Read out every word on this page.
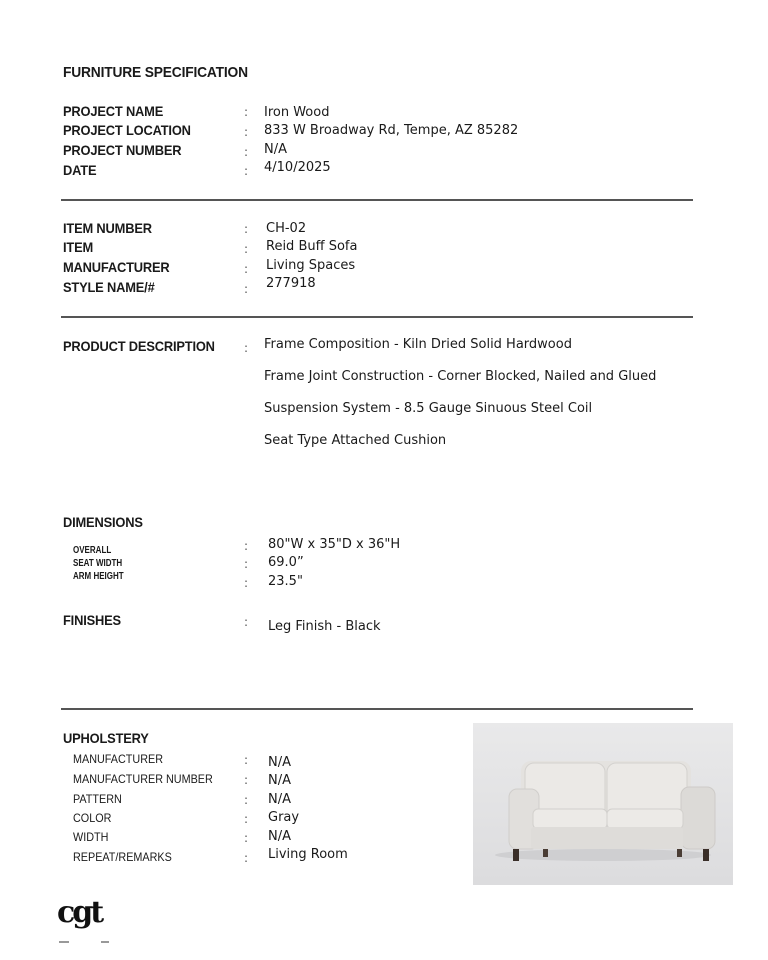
FURNITURE SPECIFICATION
PROJECT NAME
PROJECT LOCATION
PROJECT NUMBER
DATE
:
:
:
:
Iron Wood
833 W Broadway Rd, Tempe, AZ 85282
N/A
4/10/2025
ITEM NUMBER
ITEM
MANUFACTURER
STYLE NAME/#
:
:
:
:
CH-02
Reid Buff Sofa
Living Spaces
277918
PRODUCT DESCRIPTION : Frame Composition - Kiln Dried Solid Hardwood
Frame Joint Construction - Corner Blocked, Nailed and Glued
Suspension System - 8.5 Gauge Sinuous Steel Coil
Seat Type Attached Cushion
DIMENSIONS
OVERALL
SEAT WIDTH
ARM HEIGHT
:
:
:
80"W x 35"D x 36"H
69.0”
23.5"
FINISHES	: Leg Finish - Black
UPHOLSTERY
MANUFACTURER
MANUFACTURER NUMBER
PATTERN
COLOR
WIDTH
REPEAT/REMARKS
:
:
:
:
:
:
N/A
N/A
N/A
Gray
N/A
Living Room
cgt
